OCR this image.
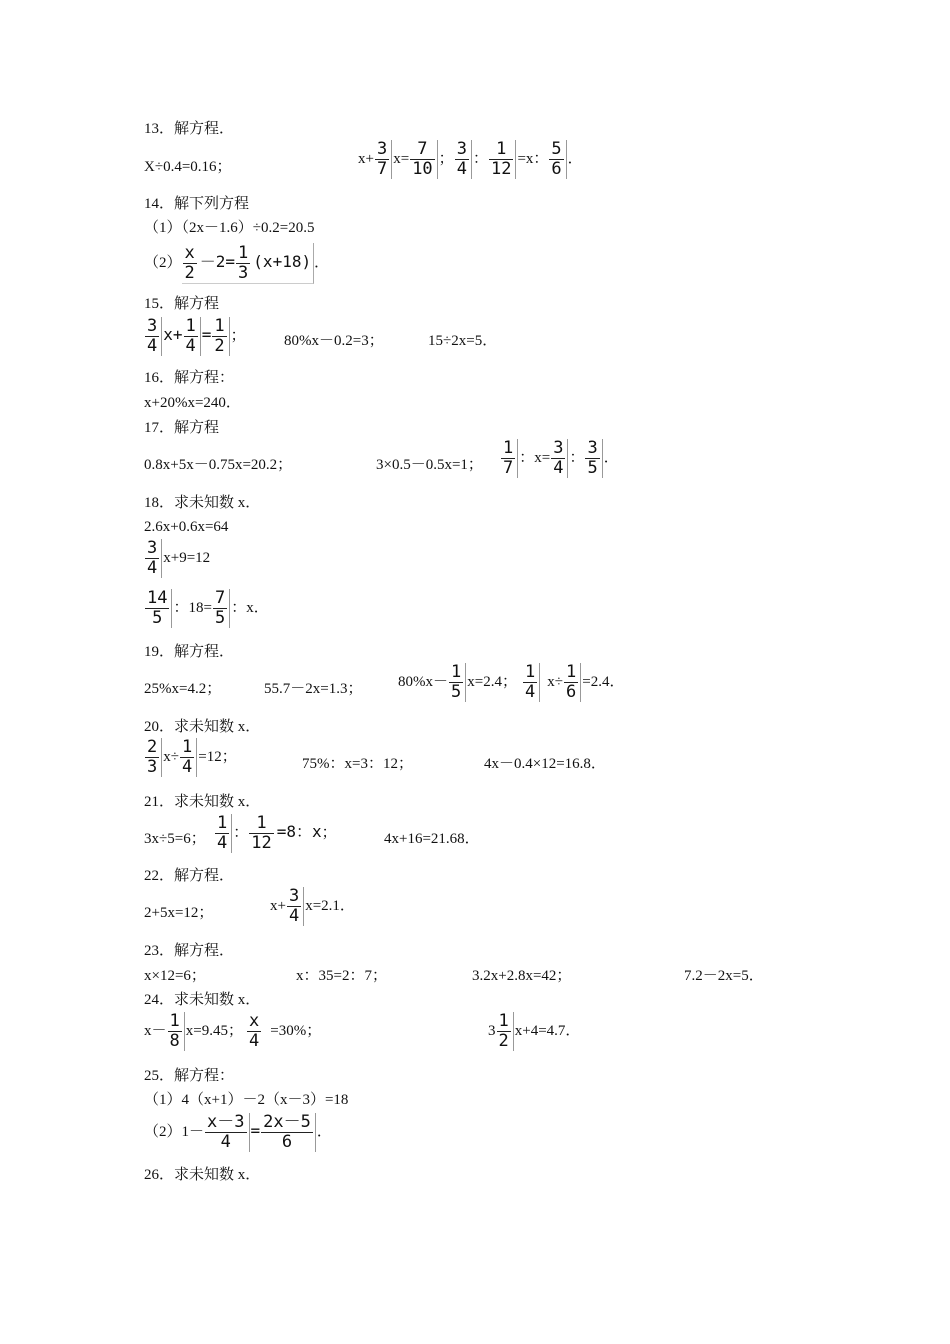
13．解方程．
X÷0.4=0.16；	$x+ \frac{3}{7} x= \frac{7}{10}$ ； $\frac{3}{4}$ ： $\frac{1}{12} =x$： $\frac{5}{6}$ ．
14．解下列方程
（1）（2x－1.6）÷0.2=20.5
$(2) \frac{x}{2} -2= \frac{1}{3} (x+18)$ ．
15．解方程
$\frac{3}{4} x+ \frac{1}{4} = \frac{1}{2}$ ；	80%x－0.2=3；	15÷2x=5．
16．解方程：
x+20%x=240．
17．解方程
0.8x+5x－0.75x=20.2；	3×0.5－0.5x=1； $\frac{1}{7}$ ：$x= \frac{3}{4}$ ： $\frac{3}{5}$ ．
18．求未知数 x．
2.6x+0.6x=64
$\frac{3}{4} x+9=12$
$\frac{14}{5}$ ：$18= \frac{7}{5}$ ：x．
19．解方程．
25%x=4.2；	55.7－2x=1.3； $80\%x- \frac{1}{5} x=2.4$； $\frac{1}{4} x\div \frac{1}{6} =2.4$．
20．求未知数 x．
$\frac{2}{3} x\div \frac{1}{4} =12$；	75%：x=3：12；	4x－0.4×12=16.8．
21．求未知数 x．
3x÷5=6； $\frac{1}{4}$ ： $\frac{1}{12} =8$：x；	4x+16=21.68．
22．解方程．
2+5x=12；	$x+ \frac{3}{4} x=2.1$．
23．解方程．
x×12=6；	x：35=2：7；	3.2x+2.8x=42；	7.2－2x=5．
24．求未知数 x．
$x- \frac{1}{8} x=9.45$； $\frac{x}{4} =30\%$；	$3 \frac{1}{2} x+4=4.7$．
25．解方程：
（1）4（x+1）－2（x－3）=18
$(2)1- \frac{x-3}{4} = \frac{2x-5}{6}$ ．
26．求未知数 x．
